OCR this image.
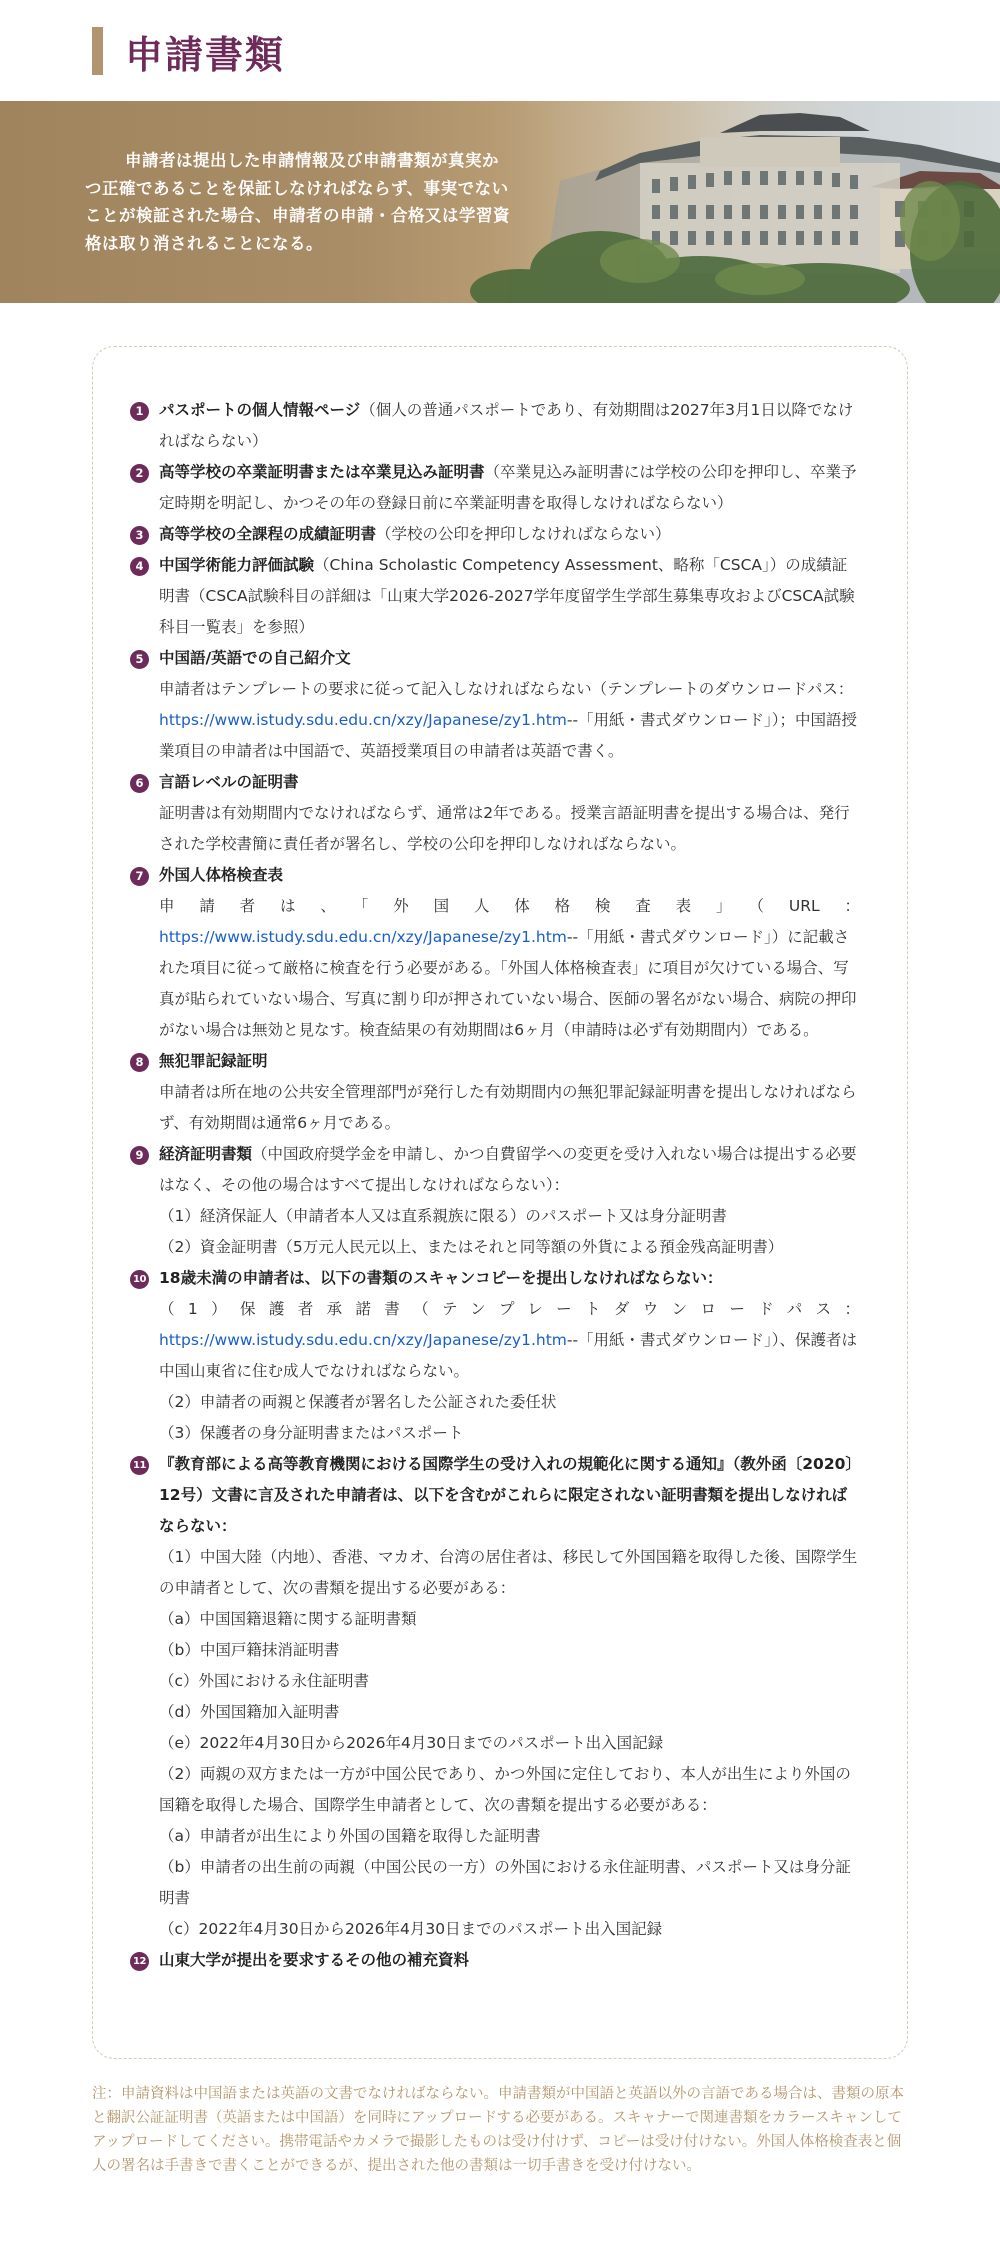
申請書類
申請者は提出した申請情報及び申請書類が真実かつ正確であることを保証しなければならず、事実でないことが検証された場合、申請者の申請・合格又は学習資格は取り消されることになる。
1	パスポートの個人情報ページ（個人の普通パスポートであり、有効期間は2027年3月1日以降でなければならない）
2	高等学校の卒業証明書または卒業見込み証明書（卒業見込み証明書には学校の公印を押印し、卒業予定時期を明記し、かつその年の登録日前に卒業証明書を取得しなければならない）
3	高等学校の全課程の成績証明書（学校の公印を押印しなければならない）
4	中国学術能力評価試験（China Scholastic Competency Assessment、略称「CSCA」）の成績証明書（CSCA試験科目の詳細は「山東大学2026-2027学年度留学生学部生募集専攻およびCSCA試験科目一覧表」を参照）
5	中国語/英語での自己紹介文
申請者はテンプレートの要求に従って記入しなければならない（テンプレートのダウンロードパス：https://www.istudy.sdu.edu.cn/xzy/Japanese/zy1.htm--「用紙・書式ダウンロード」）；中国語授業項目の申請者は中国語で、英語授業項目の申請者は英語で書く。
6	言語レベルの証明書
証明書は有効期間内でなければならず、通常は2年である。授業言語証明書を提出する場合は、発行された学校書簡に責任者が署名し、学校の公印を押印しなければならない。
7	外国人体格検査表
申請者は、「外国人体格検査表」（URL：
https://www.istudy.sdu.edu.cn/xzy/Japanese/zy1.htm--「用紙・書式ダウンロード」）に記載された項目に従って厳格に検査を行う必要がある。「外国人体格検査表」に項目が欠けている場合、写真が貼られていない場合、写真に割り印が押されていない場合、医師の署名がない場合、病院の押印がない場合は無効と見なす。検査結果の有効期間は6ヶ月（申請時は必ず有効期間内）である。
8	無犯罪記録証明
申請者は所在地の公共安全管理部門が発行した有効期間内の無犯罪記録証明書を提出しなければならず、有効期間は通常6ヶ月である。
9	経済証明書類（中国政府奨学金を申請し、かつ自費留学への変更を受け入れない場合は提出する必要はなく、その他の場合はすべて提出しなければならない）：
（1）経済保証人（申請者本人又は直系親族に限る）のパスポート又は身分証明書
（2）資金証明書（5万元人民元以上、またはそれと同等額の外貨による預金残高証明書）
10 18歳未満の申請者は、以下の書類のスキャンコピーを提出しなければならない：
（1）保護者承諾書（テンプレートダウンロードパス：
https://www.istudy.sdu.edu.cn/xzy/Japanese/zy1.htm--「用紙・書式ダウンロード」）、保護者は中国山東省に住む成人でなければならない。
（2）申請者の両親と保護者が署名した公証された委任状
（3）保護者の身分証明書またはパスポート
11 『教育部による高等教育機関における国際学生の受け入れの規範化に関する通知』（教外函〔2020〕12号）文書に言及された申請者は、以下を含むがこれらに限定されない証明書類を提出しなければならない：
（1）中国大陸（内地）、香港、マカオ、台湾の居住者は、移民して外国国籍を取得した後、国際学生の申請者として、次の書類を提出する必要がある：
（a）中国国籍退籍に関する証明書類
（b）中国戸籍抹消証明書
（c）外国における永住証明書
（d）外国国籍加入証明書
（e）2022年4月30日から2026年4月30日までのパスポート出入国記録
（2）両親の双方または一方が中国公民であり、かつ外国に定住しており、本人が出生により外国の国籍を取得した場合、国際学生申請者として、次の書類を提出する必要がある：
（a）申請者が出生により外国の国籍を取得した証明書
（b）申請者の出生前の両親（中国公民の一方）の外国における永住証明書、パスポート又は身分証明書
（c）2022年4月30日から2026年4月30日までのパスポート出入国記録
12 山東大学が提出を要求するその他の補充資料
注：申請資料は中国語または英語の文書でなければならない。申請書類が中国語と英語以外の言語である場合は、書類の原本と翻訳公証証明書（英語または中国語）を同時にアップロードする必要がある。スキャナーで関連書類をカラースキャンしてアップロードしてください。携帯電話やカメラで撮影したものは受け付けず、コピーは受け付けない。外国人体格検査表と個人の署名は手書きで書くことができるが、提出された他の書類は一切手書きを受け付けない。
